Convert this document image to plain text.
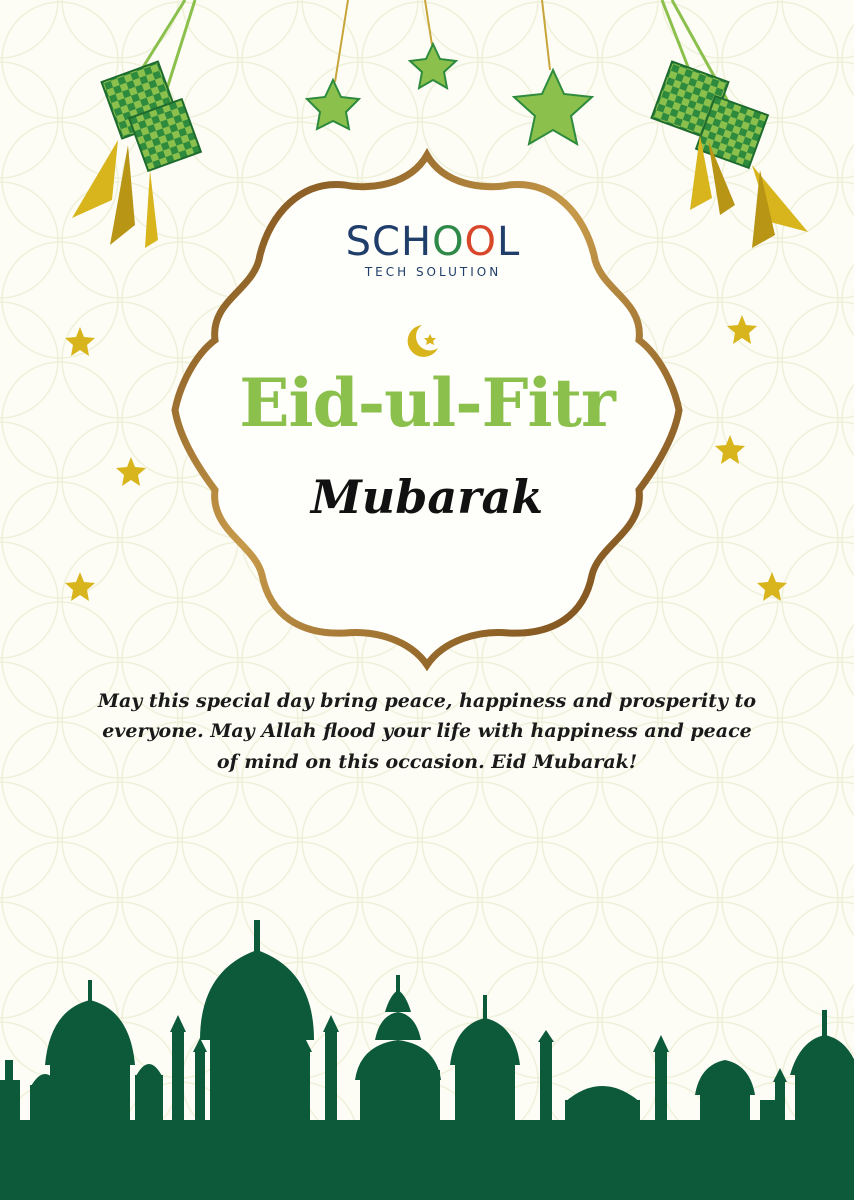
SCHOOL
TECH SOLUTION
Eid-ul-Fitr
Mubarak
May this special day bring peace, happiness and prosperity to everyone. May Allah flood your life with happiness and peace of mind on this occasion. Eid Mubarak!
